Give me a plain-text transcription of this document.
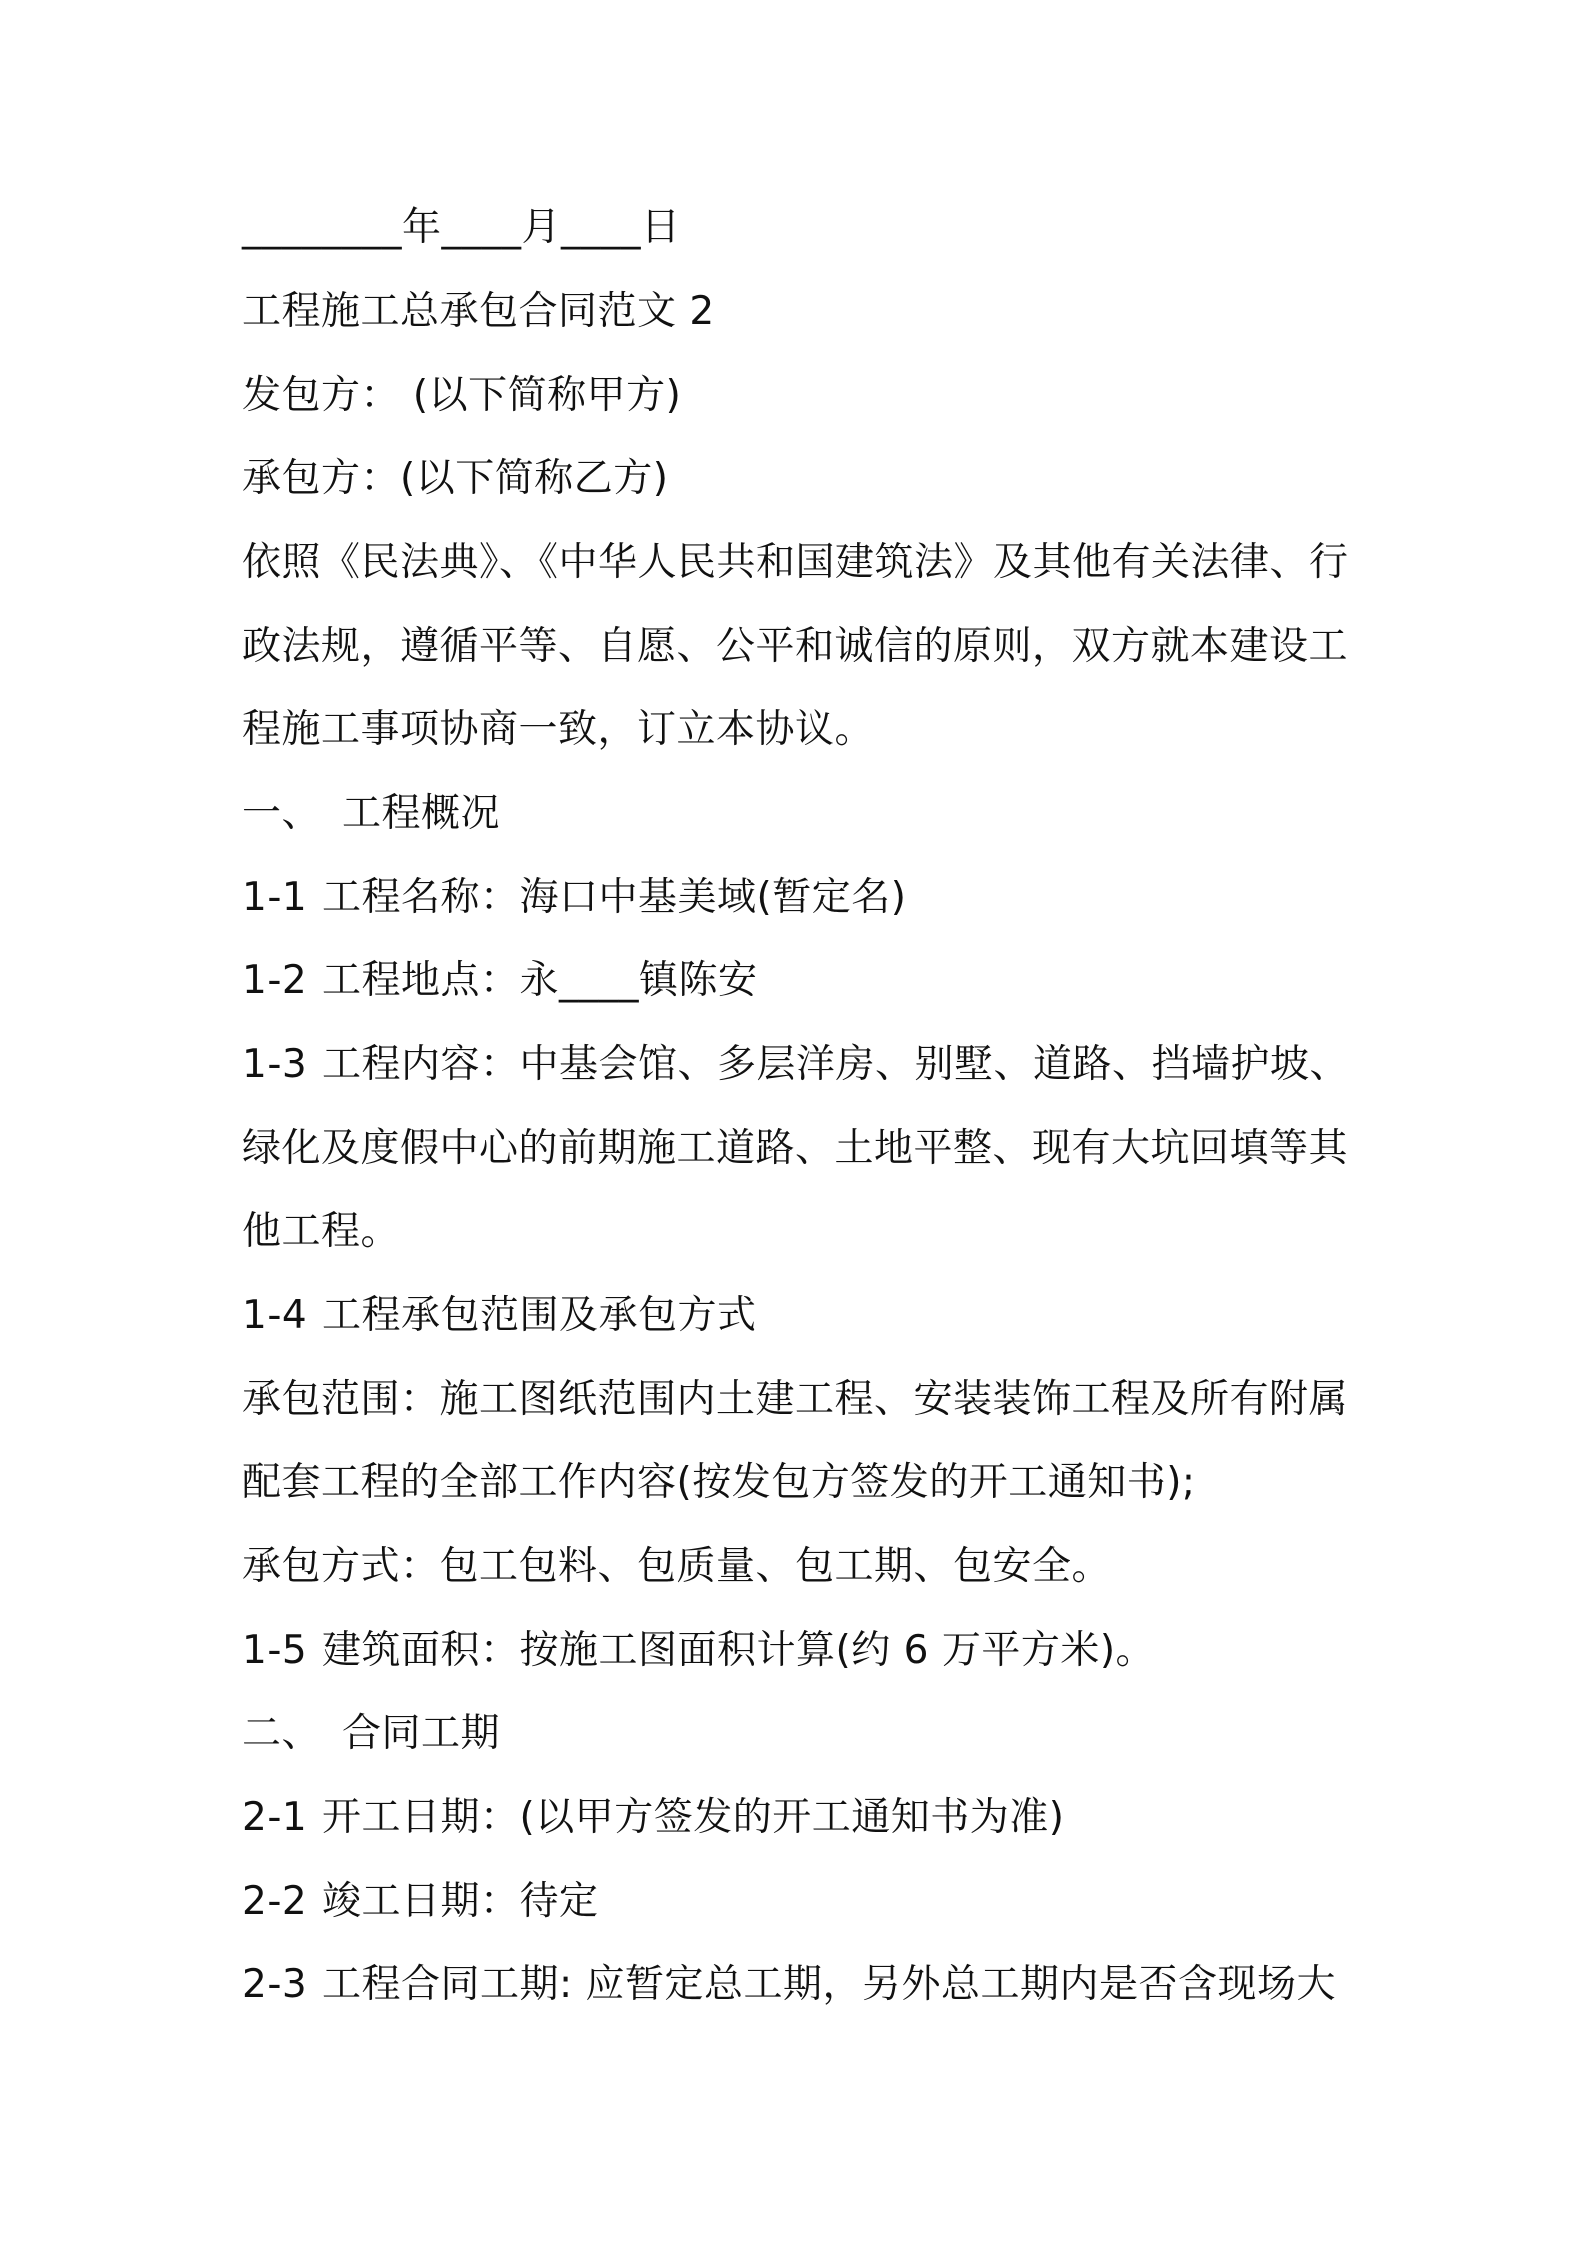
________年____月____日
工程施工总承包合同范文 2
发包方： (以下简称甲方)
承包方：(以下简称乙方)
依照《民法典》、《中华人民共和国建筑法》及其他有关法律、行
政法规，遵循平等、自愿、公平和诚信的原则，双方就本建设工
程施工事项协商一致，订立本协议。
一、 工程概况
1-1 工程名称：海口中基美域(暂定名)
1-2 工程地点：永____镇陈安
1-3 工程内容：中基会馆、多层洋房、别墅、道路、挡墙护坡、
绿化及度假中心的前期施工道路、土地平整、现有大坑回填等其
他工程。
1-4 工程承包范围及承包方式
承包范围：施工图纸范围内土建工程、安装装饰工程及所有附属
配套工程的全部工作内容(按发包方签发的开工通知书);
承包方式：包工包料、包质量、包工期、包安全。
1-5 建筑面积：按施工图面积计算(约 6 万平方米)。
二、 合同工期
2-1 开工日期：(以甲方签发的开工通知书为准)
2-2 竣工日期：待定
2-3 工程合同工期: 应暂定总工期，另外总工期内是否含现场大
